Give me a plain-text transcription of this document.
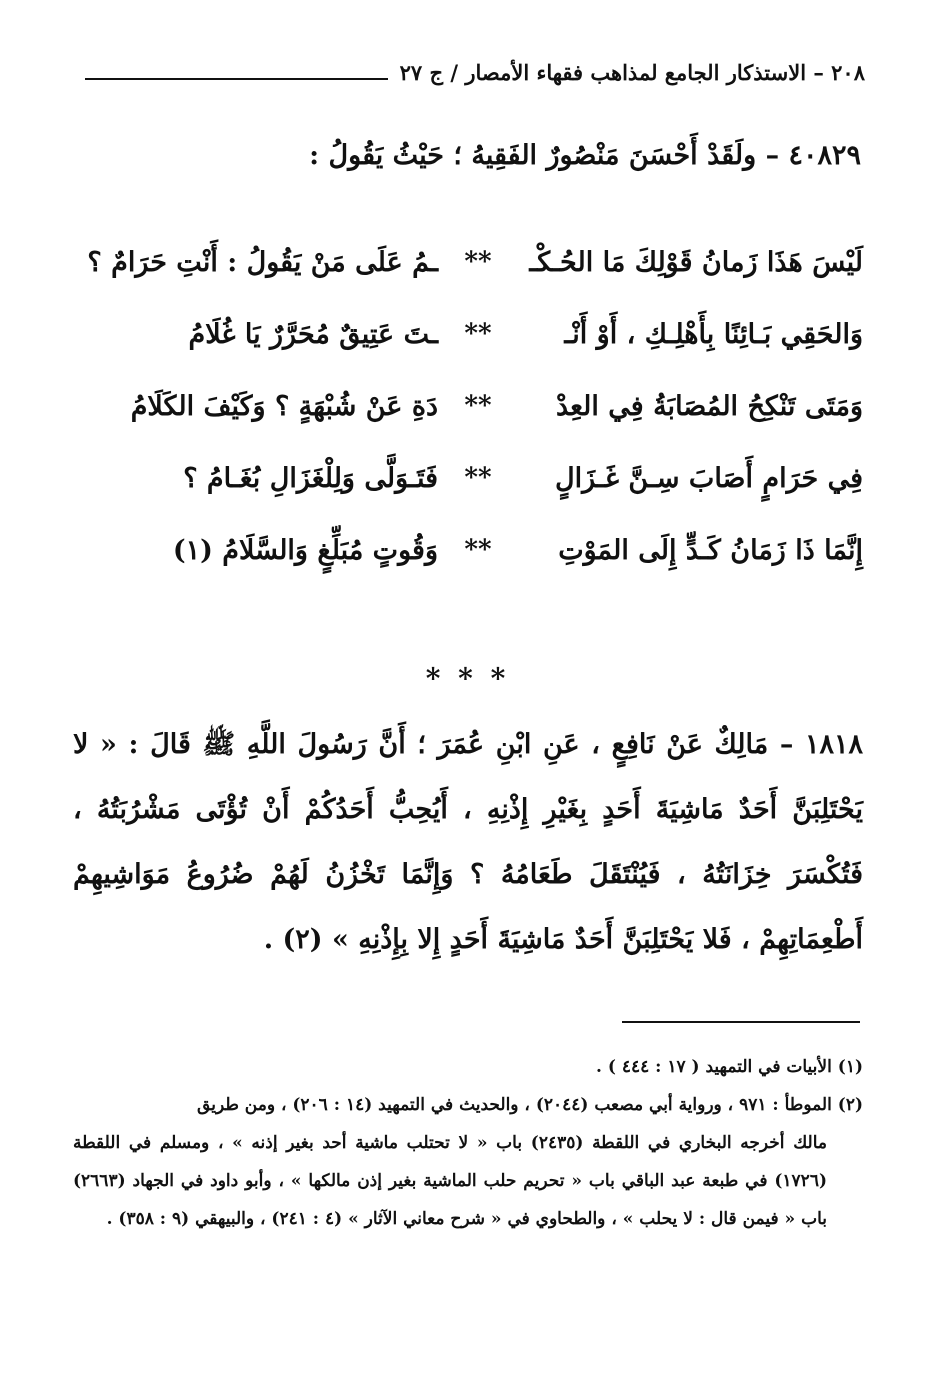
٢٠٨ – الاستذكار الجامع لمذاهب فقهاء الأمصار / ج ٢٧
٤٠٨٢٩ – ولَقَدْ أَحْسَنَ مَنْصُورٌ الفَقِيهُ ؛ حَيْثُ يَقُولُ :
لَيْسَ هَذَا زَمانُ قَوْلِكَ مَا الحُـكْـ
**
ـمُ عَلَى مَنْ يَقُولُ : أَنْتِ حَرَامٌ ؟
وَالحَقِي بَـائِنًا بِأَهْلِـكِ ، أَوْ أَنْـ
**
ـتَ عَتِيقٌ مُحَرَّرٌ يَا غُلَامُ
وَمَتَى تَنْكِحُ المُصَابَةُ فِي العِدْ
**
دَةِ عَنْ شُبْهَةٍ ؟ وَكَيْفَ الكَلَامُ
فِي حَرَامٍ أَصَابَ سِـنَّ غَـزَالٍ
**
فَتَـوَلَّى وَلِلْغَزَالِ بُغَـامُ ؟
إِنَّمَا ذَا زَمَانُ كَـدٍّ إِلَى المَوْتِ
**
وَقُوتٍ مُبَلِّغٍ وَالسَّلَامُ (١)
* * *
١٨١٨ – مَالِكٌ عَنْ نَافِعٍ ، عَنِ ابْنِ عُمَرَ ؛ أَنَّ رَسُولَ اللَّهِ ﷺ قَالَ : « لا يَحْتَلِبَنَّ أَحَدٌ مَاشِيَةَ أَحَدٍ بِغَيْرِ إِذْنِهِ ، أَيُحِبُّ أَحَدُكُمْ أَنْ تُؤْتَى مَشْرُبَتُهُ ، فَتُكْسَرَ خِزَانَتُهُ ، فَيُنْتَقَلَ طَعَامُهُ ؟ وَإِنَّمَا تَخْزُنُ لَهُمْ ضُرُوعُ مَوَاشِيهِمْ أَطْعِمَاتِهِمْ ، فَلا يَحْتَلِبَنَّ أَحَدٌ مَاشِيَةَ أَحَدٍ إِلا بِإِذْنِهِ » (٢) .

(١) الأبيات في التمهيد ( ١٧ : ٤٤٤ ) .

(٢) الموطأ : ٩٧١ ، ورواية أبي مصعب (٢٠٤٤) ، والحديث في التمهيد (١٤ : ٢٠٦) ، ومن طريق

مالك أخرجه البخاري في اللقطة (٢٤٣٥) باب « لا تحتلب ماشية أحد بغير إذنه » ، ومسلم في اللقطة (١٧٢٦) في طبعة عبد الباقي باب « تحريم حلب الماشية بغير إذن مالكها » ، وأبو داود في الجهاد (٢٦٦٣) باب « فيمن قال : لا يحلب » ، والطحاوي في « شرح معاني الآثار » (٤ : ٢٤١) ، والبيهقي (٩ : ٣٥٨) .
